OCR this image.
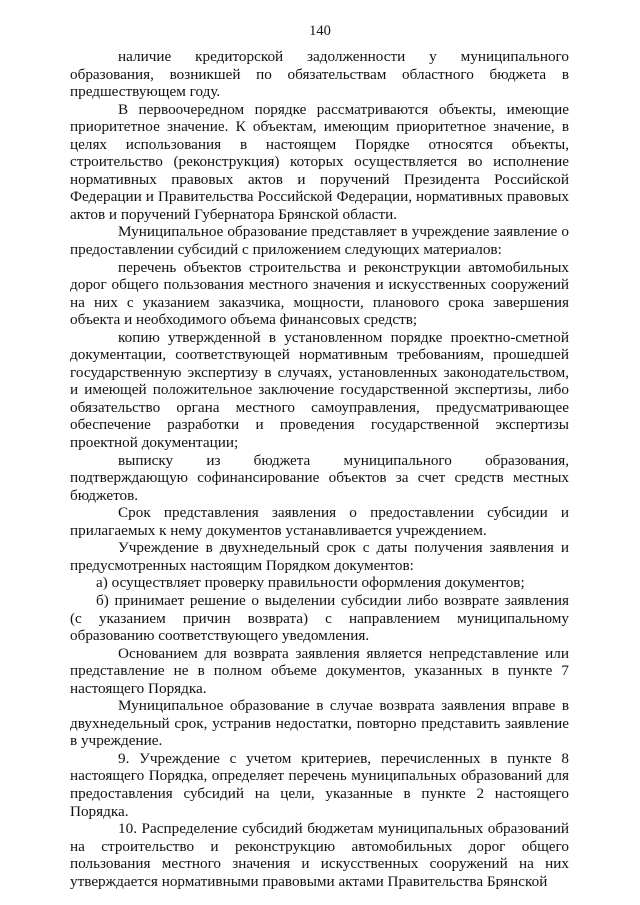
140

наличие кредиторской задолженности у муниципального образования, возникшей по обязательствам областного бюджета в предшествующем году.

В первоочередном порядке рассматриваются объекты, имеющие приоритетное значение. К объектам, имеющим приоритетное значение, в целях использования в настоящем Порядке относятся объекты, строительство (реконструкция) которых осуществляется во исполнение нормативных правовых актов и поручений Президента Российской Федерации и Правительства Российской Федерации, нормативных правовых актов и поручений Губернатора Брянской области.

Муниципальное образование представляет в учреждение заявление о предоставлении субсидий с приложением следующих материалов:

перечень объектов строительства и реконструкции автомобильных дорог общего пользования местного значения и искусственных сооружений на них с указанием заказчика, мощности, планового срока завершения объекта и необходимого объема финансовых средств;

копию утвержденной в установленном порядке проектно-сметной документации, соответствующей нормативным требованиям, прошедшей государственную экспертизу в случаях, установленных законодательством, и имеющей положительное заключение государственной экспертизы, либо обязательство органа местного самоуправления, предусматривающее обеспечение разработки и проведения государственной экспертизы проектной документации;

выписку из бюджета муниципального образования, подтверждающую софинансирование объектов за счет средств местных бюджетов.

Срок представления заявления о предоставлении субсидии и прилагаемых к нему документов устанавливается учреждением.

Учреждение в двухнедельный срок с даты получения заявления и предусмотренных настоящим Порядком документов:

а) осуществляет проверку правильности оформления документов;

б) принимает решение о выделении субсидии либо возврате заявления (с указанием причин возврата) с направлением муниципальному образованию соответствующего уведомления.

Основанием для возврата заявления является непредставление или представление не в полном объеме документов, указанных в пункте 7 настоящего Порядка.

Муниципальное образование в случае возврата заявления вправе в двухнедельный срок, устранив недостатки, повторно представить заявление в учреждение.

9. Учреждение с учетом критериев, перечисленных в пункте 8 настоящего Порядка, определяет перечень муниципальных образований для предоставления субсидий на цели, указанные в пункте 2 настоящего Порядка.

10. Распределение субсидий бюджетам муниципальных образований на строительство и реконструкцию автомобильных дорог общего пользования местного значения и искусственных сооружений на них утверждается нормативными правовыми актами Правительства Брянской
